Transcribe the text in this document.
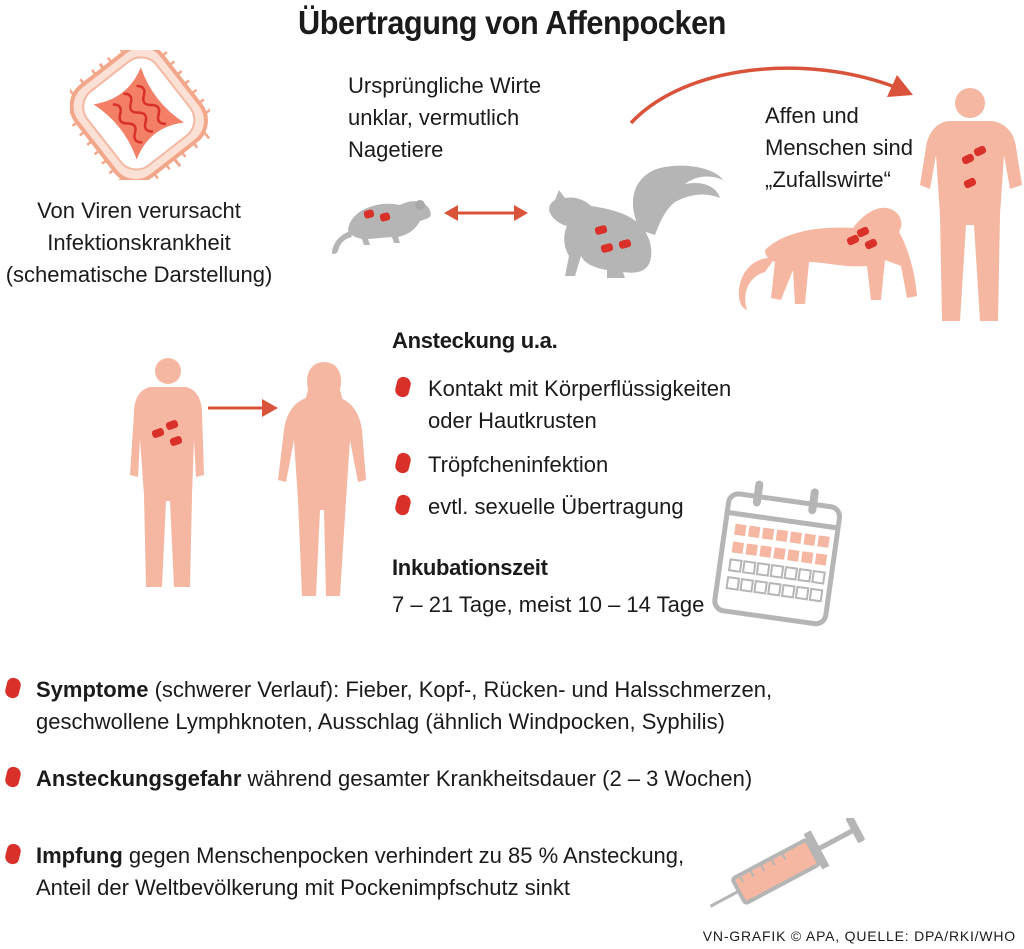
Übertragung von Affenpocken
Von Viren verursacht
Infektionskrankheit
(schematische Darstellung)
Ursprüngliche Wirte
unklar, vermutlich
Nagetiere
Affen und
Menschen sind
„Zufallswirte“
Ansteckung u.a.
Kontakt mit Körperflüssigkeiten
oder Hautkrusten
Tröpfcheninfektion
evtl. sexuelle Übertragung
Inkubationszeit
7 – 21 Tage, meist 10 – 14 Tage
Symptome (schwerer Verlauf): Fieber, Kopf-, Rücken- und Halsschmerzen,
geschwollene Lymphknoten, Ausschlag (ähnlich Windpocken, Syphilis)
Ansteckungsgefahr während gesamter Krankheitsdauer (2 – 3 Wochen)
Impfung gegen Menschenpocken verhindert zu 85 % Ansteckung,
Anteil der Weltbevölkerung mit Pockenimpfschutz sinkt
VN-GRAFIK © APA, QUELLE: DPA/RKI/WHO
